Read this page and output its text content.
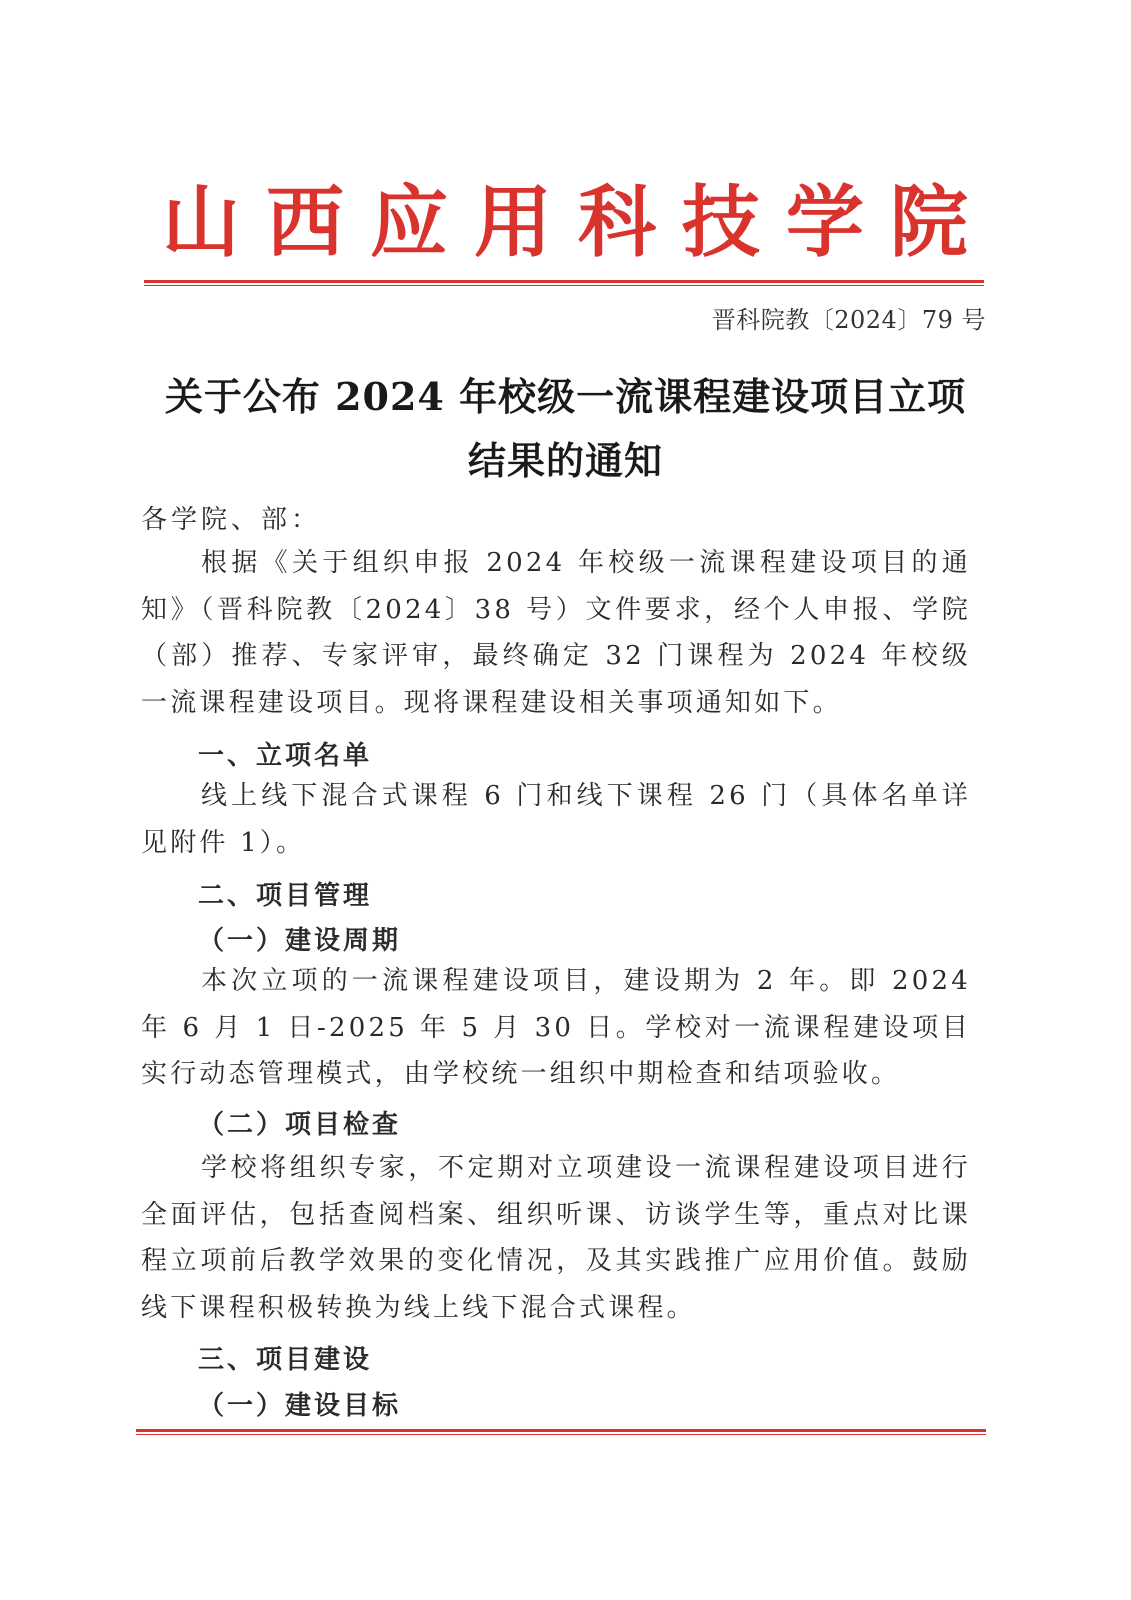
山 西 应 用 科 技 学 院
晋科院教〔2024〕79 号
关于公布 2024 年校级一流课程建设项目立项
结果的通知
各学院、部：
根据《关于组织申报 2024 年校级一流课程建设项目的通知》（晋科院教〔2024〕38 号）文件要求，经个人申报、学院（部）推荐、专家评审，最终确定 32 门课程为 2024 年校级一流课程建设项目。现将课程建设相关事项通知如下。
一、立项名单
线上线下混合式课程 6 门和线下课程 26 门（具体名单详见附件 1）。
二、项目管理
（一）建设周期
本次立项的一流课程建设项目，建设期为 2 年。即 2024 年 6 月 1 日-2025 年 5 月 30 日。学校对一流课程建设项目实行动态管理模式，由学校统一组织中期检查和结项验收。
（二）项目检查
学校将组织专家，不定期对立项建设一流课程建设项目进行全面评估，包括查阅档案、组织听课、访谈学生等，重点对比课程立项前后教学效果的变化情况，及其实践推广应用价值。鼓励线下课程积极转换为线上线下混合式课程。
三、项目建设
（一）建设目标
